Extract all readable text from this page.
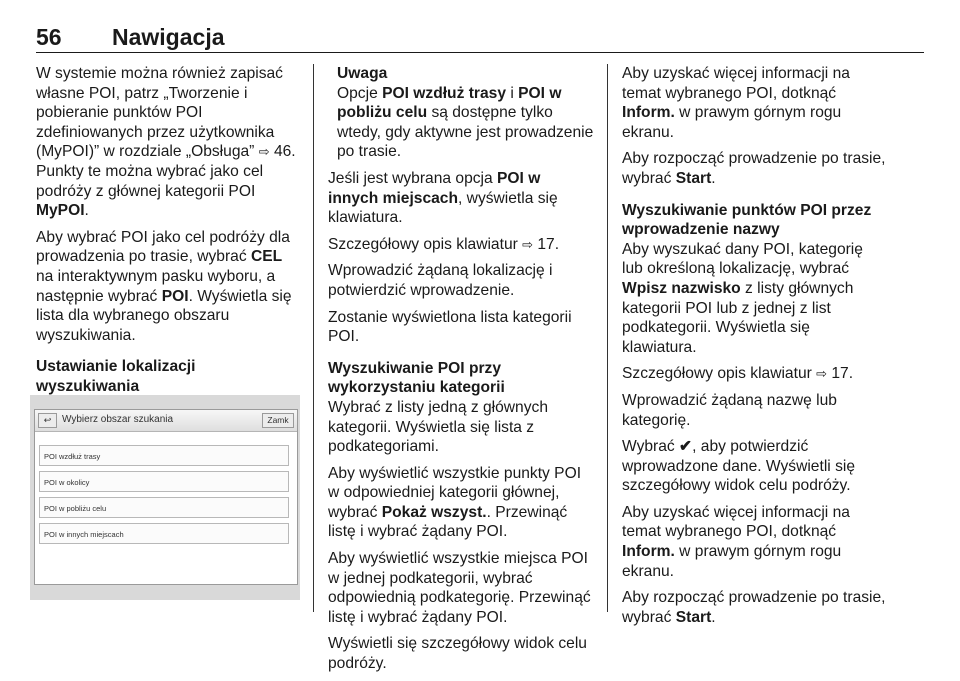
56 Nawigacja

W systemie można również zapisać własne POI, patrz „Tworzenie i pobieranie punktów POI zdefiniowanych przez użytkownika (MyPOI)” w rozdziale „Obsługa” ⇨ 46. Punkty te można wybrać jako cel podróży z głównej kategorii POI MyPOI.

Aby wybrać POI jako cel podróży dla prowadzenia po trasie, wybrać CEL na interaktywnym pasku wyboru, a następnie wybrać POI. Wyświetla się lista dla wybranego obszaru wyszukiwania.

Ustawianie lokalizacji wyszukiwania

↩	Wybierz obszar szukania	Zamk
POI wzdłuż trasy
POI w okolicy
POI w pobliżu celu
POI w innych miejscach

Uwaga

Opcje POI wzdłuż trasy i POI w pobliżu celu są dostępne tylko wtedy, gdy aktywne jest prowadzenie po trasie.

Jeśli jest wybrana opcja POI w innych miejscach, wyświetla się klawiatura.

Szczegółowy opis klawiatur ⇨ 17.

Wprowadzić żądaną lokalizację i potwierdzić wprowadzenie.

Zostanie wyświetlona lista kategorii POI.

Wyszukiwanie POI przy wykorzystaniu kategorii

Wybrać z listy jedną z głównych kategorii. Wyświetla się lista z podkategoriami.

Aby wyświetlić wszystkie punkty POI w odpowiedniej kategorii głównej, wybrać Pokaż wszyst.. Przewinąć listę i wybrać żądany POI.

Aby wyświetlić wszystkie miejsca POI w jednej podkategorii, wybrać odpowiednią podkategorię. Przewinąć listę i wybrać żądany POI.

Wyświetli się szczegółowy widok celu podróży.

Aby uzyskać więcej informacji na temat wybranego POI, dotknąć Inform. w prawym górnym rogu ekranu.

Aby rozpocząć prowadzenie po trasie, wybrać Start.

Wyszukiwanie punktów POI przez wprowadzenie nazwy

Aby wyszukać dany POI, kategorię lub określoną lokalizację, wybrać Wpisz nazwisko z listy głównych kategorii POI lub z jednej z list podkategorii. Wyświetla się klawiatura.

Szczegółowy opis klawiatur ⇨ 17.

Wprowadzić żądaną nazwę lub kategorię.

Wybrać ✔, aby potwierdzić wprowadzone dane. Wyświetli się szczegółowy widok celu podróży.

Aby uzyskać więcej informacji na temat wybranego POI, dotknąć Inform. w prawym górnym rogu ekranu.

Aby rozpocząć prowadzenie po trasie, wybrać Start.
